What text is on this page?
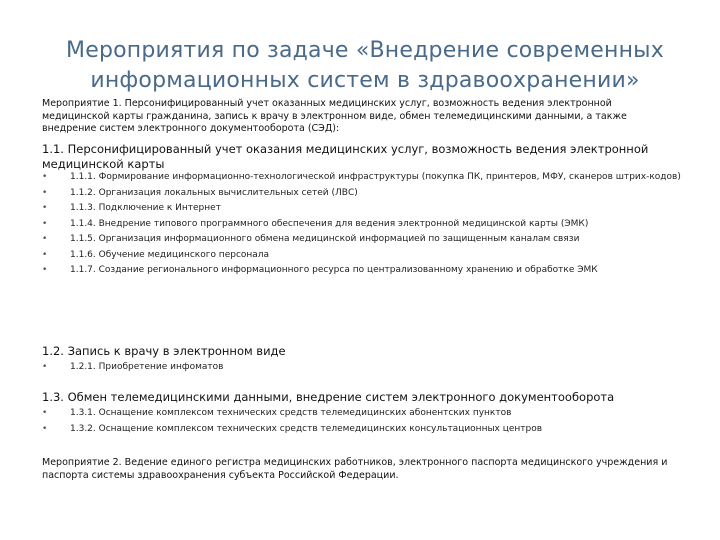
Мероприятия по задаче «Внедрение современных информационных систем в здравоохранении»
Мероприятие 1. Персонифицированный учет оказанных медицинских услуг, возможность ведения электронной медицинской карты гражданина, запись к врачу в электронном виде, обмен телемедицинскими данными, а также внедрение систем электронного документооборота (СЭД):
1.1. Персонифицированный учет оказания медицинских услуг, возможность ведения электронной медицинской карты
•	1.1.1. Формирование информационно-технологической инфраструктуры (покупка ПК, принтеров, МФУ, сканеров штрих-кодов)
•	1.1.2. Организация локальных вычислительных сетей (ЛВС)
•	1.1.3. Подключение к Интернет
•	1.1.4. Внедрение типового программного обеспечения для ведения электронной медицинской карты (ЭМК)
•	1.1.5. Организация информационного обмена медицинской информацией по защищенным каналам связи
•	1.1.6. Обучение медицинского персонала
•	1.1.7. Создание регионального информационного ресурса по централизованному хранению и обработке ЭМК
1.2. Запись к врачу в электронном виде
•	1.2.1. Приобретение инфоматов
1.3. Обмен телемедицинскими данными, внедрение систем электронного документооборота
•	1.3.1. Оснащение комплексом технических средств телемедицинских абонентских пунктов
•	1.3.2. Оснащение комплексом технических средств телемедицинских консультационных центров
Мероприятие 2. Ведение единого регистра медицинских работников, электронного паспорта медицинского учреждения и паспорта системы здравоохранения субъекта Российской Федерации.
